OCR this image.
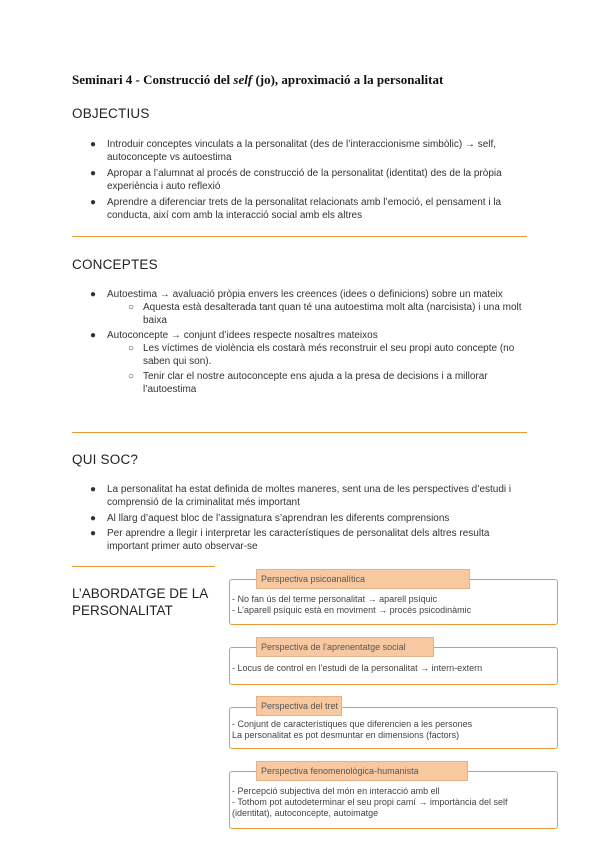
Seminari 4 - Construcció del self (jo), aproximació a la personalitat
OBJECTIUS
● Introduir conceptes vinculats a la personalitat (des de l’interaccionisme simbòlic) → self, autoconcepte vs autoestima
● Apropar a l’alumnat al procés de construcció de la personalitat (identitat) des de la pròpia experiència i auto reflexió
● Aprendre a diferenciar trets de la personalitat relacionats amb l’emoció, el pensament i la conducta, així com amb la interacció social amb els altres
CONCEPTES
● Autoestima → avaluació pròpia envers les creences (idees o definicions) sobre un mateix
○ Aquesta està desalterada tant quan té una autoestima molt alta (narcisista) i una molt baixa
● Autoconcepte → conjunt d’idees respecte nosaltres mateixos
○ Les víctimes de violència els costarà més reconstruir el seu propi auto concepte (no saben qui son).
○ Tenir clar el nostre autoconcepte ens ajuda a la presa de decisions i a millorar l’autoestima
QUI SOC?
● La personalitat ha estat definida de moltes maneres, sent una de les perspectives d’estudi i comprensió de la criminalitat més important
● Al llarg d’aquest bloc de l’assignatura s’aprendran les diferents comprensions
● Per aprendre a llegir i interpretar les característiques de personalitat dels altres resulta important primer auto observar-se
L’ABORDATGE DE LA
PERSONALITAT
Perspectiva psicoanalítica
- No fan ús del terme personalitat → aparell psíquic
- L’aparell psíquic està en moviment → procés psicodinàmic
Perspectiva de l’aprenentatge social
- Locus de control en l’estudi de la personalitat → intern-extern
Perspectiva del tret
- Conjunt de característiques que diferencien a les persones
La personalitat es pot desmuntar en dimensions (factors)
Perspectiva fenomenològica-humanista
- Percepció subjectiva del món en interacció amb ell
- Tothom pot autodeterminar el seu propi camí → importància del self
(identitat), autoconcepte, autoimatge
